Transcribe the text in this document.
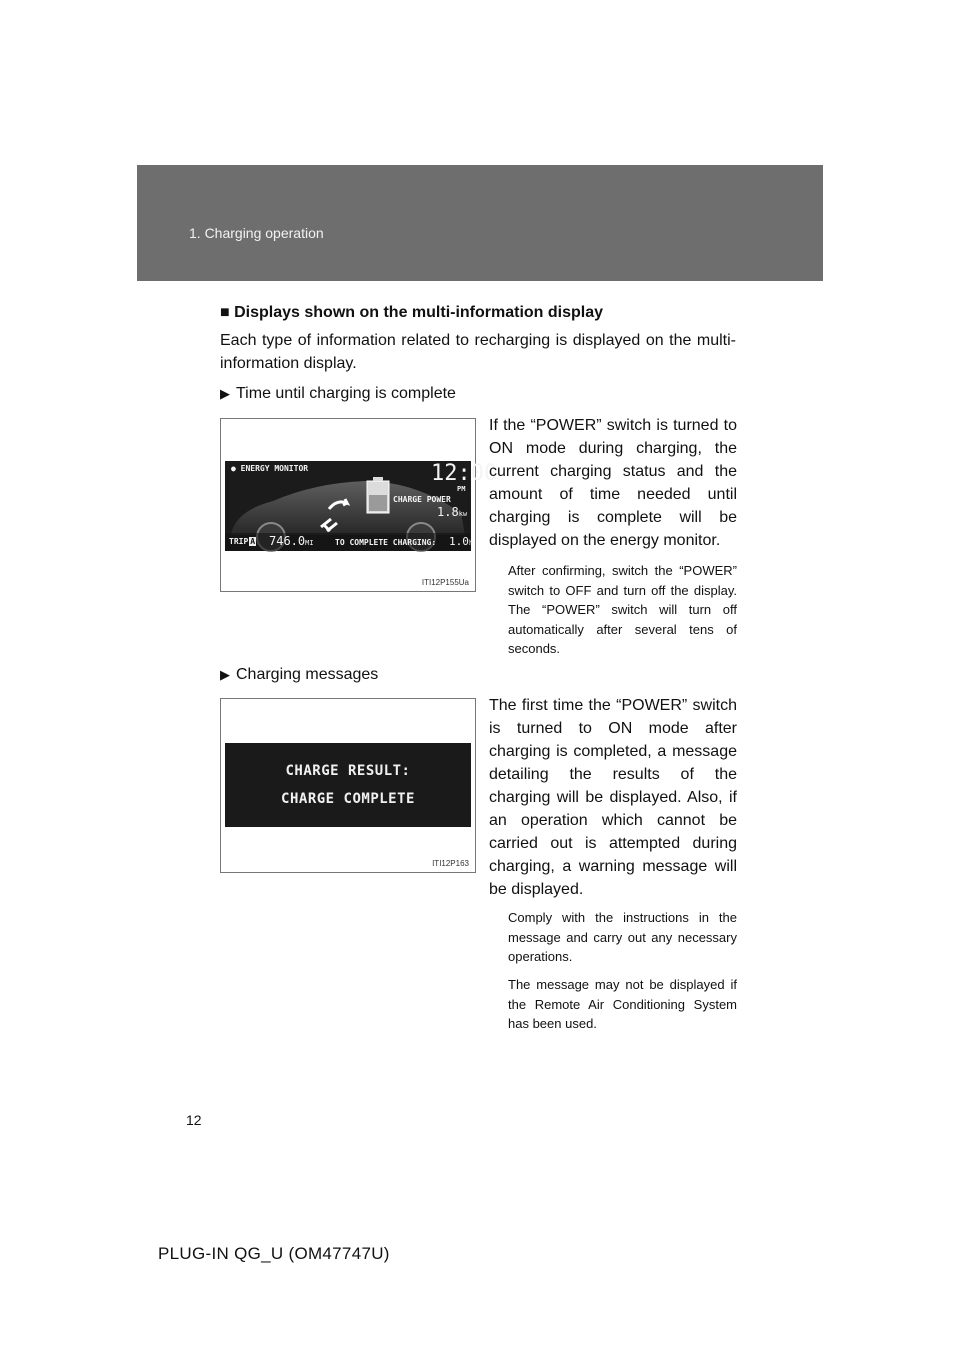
1. Charging operation
■ Displays shown on the multi-information display
Each type of information related to recharging is displayed on the multi-information display.
▶ Time until charging is complete
● ENERGY MONITOR	12:00
PM
CHARGE POWER
1.8kw
TRIP A 746.0MI	TO COMPLETE CHARGING: 1.0h
ITI12P155Ua
If the “POWER” switch is turned to ON mode during charging, the current charging status and the amount of time needed until charging is complete will be displayed on the energy monitor.
After confirming, switch the “POWER” switch to OFF and turn off the display. The “POWER” switch will turn off automatically after several tens of seconds.
▶ Charging messages
CHARGE RESULT:
CHARGE COMPLETE
ITI12P163
The first time the “POWER” switch is turned to ON mode after charging is completed, a message detailing the results of the charging will be displayed. Also, if an operation which cannot be carried out is attempted during charging, a warning message will be displayed.
Comply with the instructions in the message and carry out any necessary operations.
The message may not be displayed if the Remote Air Conditioning System has been used.
12
PLUG-IN QG_U (OM47747U)
